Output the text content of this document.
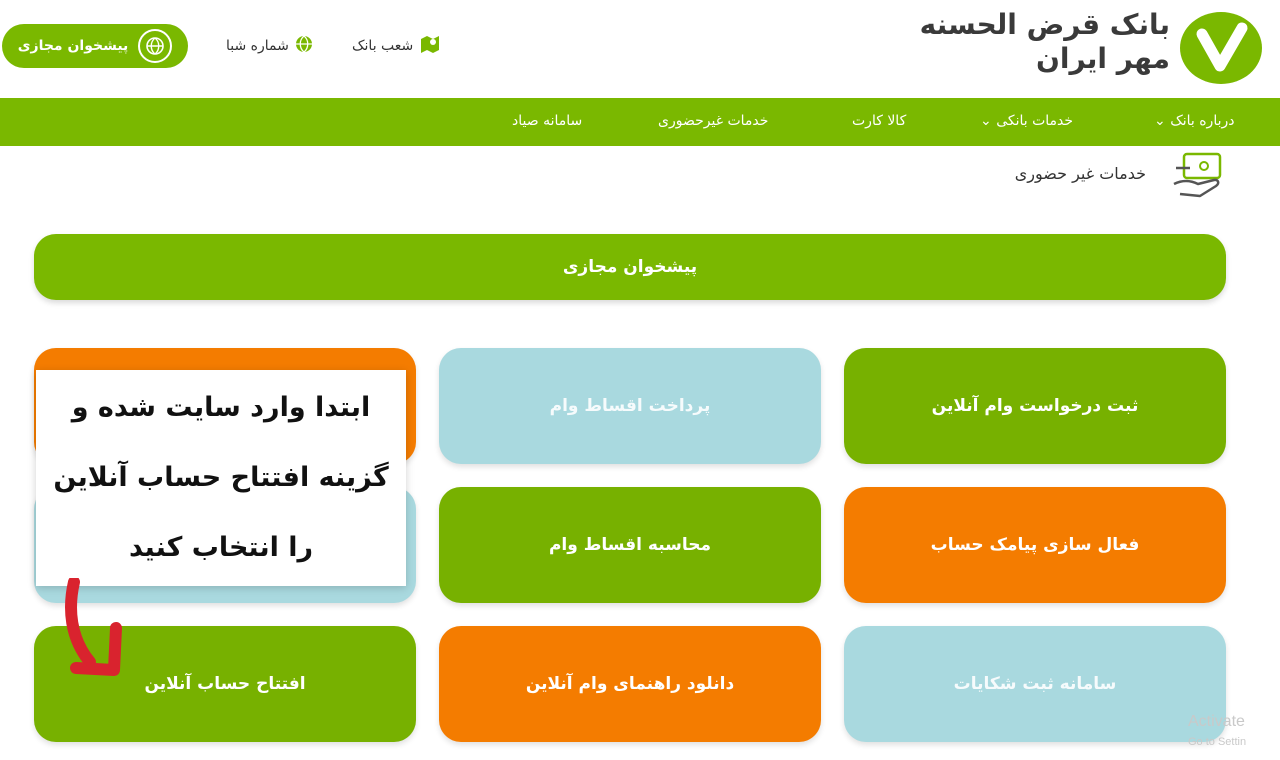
بانک قرض الحسنه
مهر ایران
شعب بانک
شماره شبا
پیشخوان مجازی
درباره بانک ⌄
خدمات بانکی ⌄
کالا کارت
خدمات غیرحضوری
سامانه صیاد
خدمات غیر حضوری
پیشخوان مجازی
ثبت درخواست وام آنلاین
پرداخت اقساط وام
فعال سازی پیامک حساب
محاسبه اقساط وام
سامانه ثبت شکایات
دانلود راهنمای وام آنلاین
افتتاح حساب آنلاین
ابتدا وارد سایت شده و
گزینه افتتاح حساب آنلاین
را انتخاب کنید
Activate
Go to Settin
